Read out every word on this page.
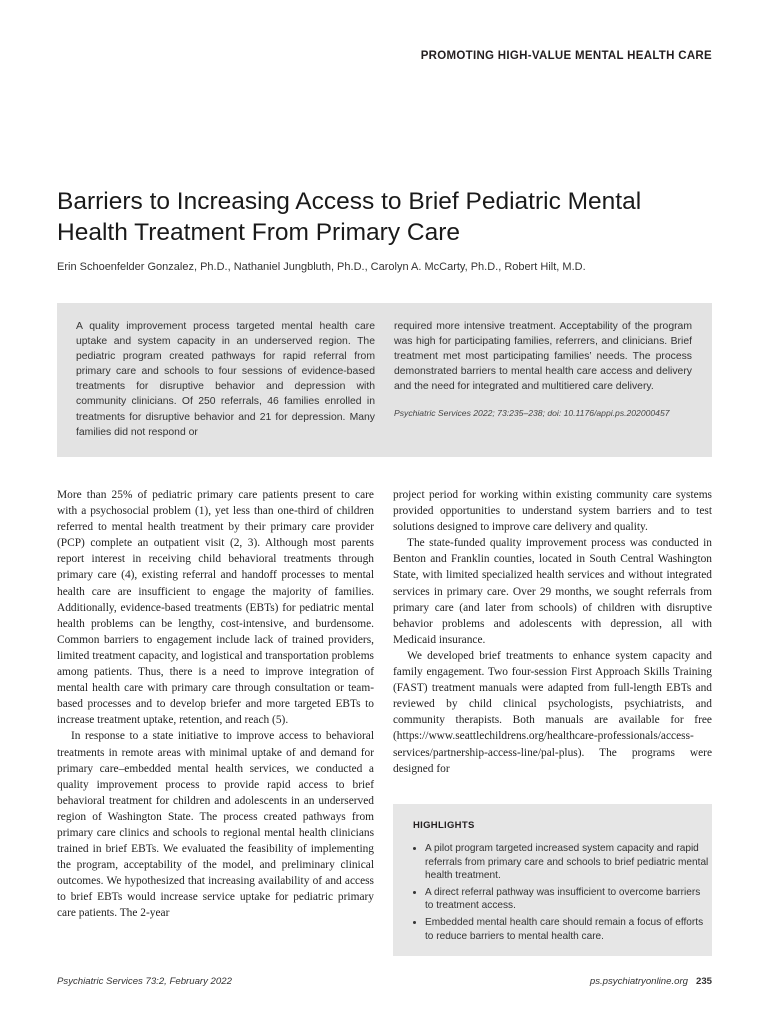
PROMOTING HIGH-VALUE MENTAL HEALTH CARE
Barriers to Increasing Access to Brief Pediatric Mental Health Treatment From Primary Care
Erin Schoenfelder Gonzalez, Ph.D., Nathaniel Jungbluth, Ph.D., Carolyn A. McCarty, Ph.D., Robert Hilt, M.D.
A quality improvement process targeted mental health care uptake and system capacity in an underserved region. The pediatric program created pathways for rapid referral from primary care and schools to four sessions of evidence-based treatments for disruptive behavior and depression with community clinicians. Of 250 referrals, 46 families enrolled in treatments for disruptive behavior and 21 for depression. Many families did not respond or
required more intensive treatment. Acceptability of the program was high for participating families, referrers, and clinicians. Brief treatment met most participating families’ needs. The process demonstrated barriers to mental health care access and delivery and the need for integrated and multitiered care delivery.
Psychiatric Services 2022; 73:235–238; doi: 10.1176/appi.ps.202000457

More than 25% of pediatric primary care patients present to care with a psychosocial problem (1), yet less than one-third of children referred to mental health treatment by their primary care provider (PCP) complete an outpatient visit (2, 3). Although most parents report interest in receiving child behavioral treatments through primary care (4), existing referral and handoff processes to mental health care are insufficient to engage the majority of families. Additionally, evidence-based treatments (EBTs) for pediatric mental health problems can be lengthy, cost-intensive, and burdensome. Common barriers to engagement include lack of trained providers, limited treatment capacity, and logistical and transportation problems among patients. Thus, there is a need to improve integration of mental health care with primary care through consultation or team-based processes and to develop briefer and more targeted EBTs to increase treatment uptake, retention, and reach (5).

In response to a state initiative to improve access to behavioral treatments in remote areas with minimal uptake of and demand for primary care–embedded mental health services, we conducted a quality improvement process to provide rapid access to brief behavioral treatment for children and adolescents in an underserved region of Washington State. The process created pathways from primary care clinics and schools to regional mental health clinicians trained in brief EBTs. We evaluated the feasibility of implementing the program, acceptability of the model, and preliminary clinical outcomes. We hypothesized that increasing availability of and access to brief EBTs would increase service uptake for pediatric primary care patients. The 2-year

project period for working within existing community care systems provided opportunities to understand system barriers and to test solutions designed to improve care delivery and quality.

The state-funded quality improvement process was conducted in Benton and Franklin counties, located in South Central Washington State, with limited specialized health services and without integrated services in primary care. Over 29 months, we sought referrals from primary care (and later from schools) of children with disruptive behavior problems and adolescents with depression, all with Medicaid insurance.

We developed brief treatments to enhance system capacity and family engagement. Two four-session First Approach Skills Training (FAST) treatment manuals were adapted from full-length EBTs and reviewed by child clinical psychologists, psychiatrists, and community therapists. Both manuals are available for free (https://www.seattlechildrens.org/healthcare-professionals/access-services/partnership-access-line/pal-plus). The programs were designed for

HIGHLIGHTS
• A pilot program targeted increased system capacity and rapid referrals from primary care and schools to brief pediatric mental health treatment.
• A direct referral pathway was insufficient to overcome barriers to treatment access.
• Embedded mental health care should remain a focus of efforts to reduce barriers to mental health care.
Psychiatric Services 73:2, February 2022	ps.psychiatryonline.org 235
